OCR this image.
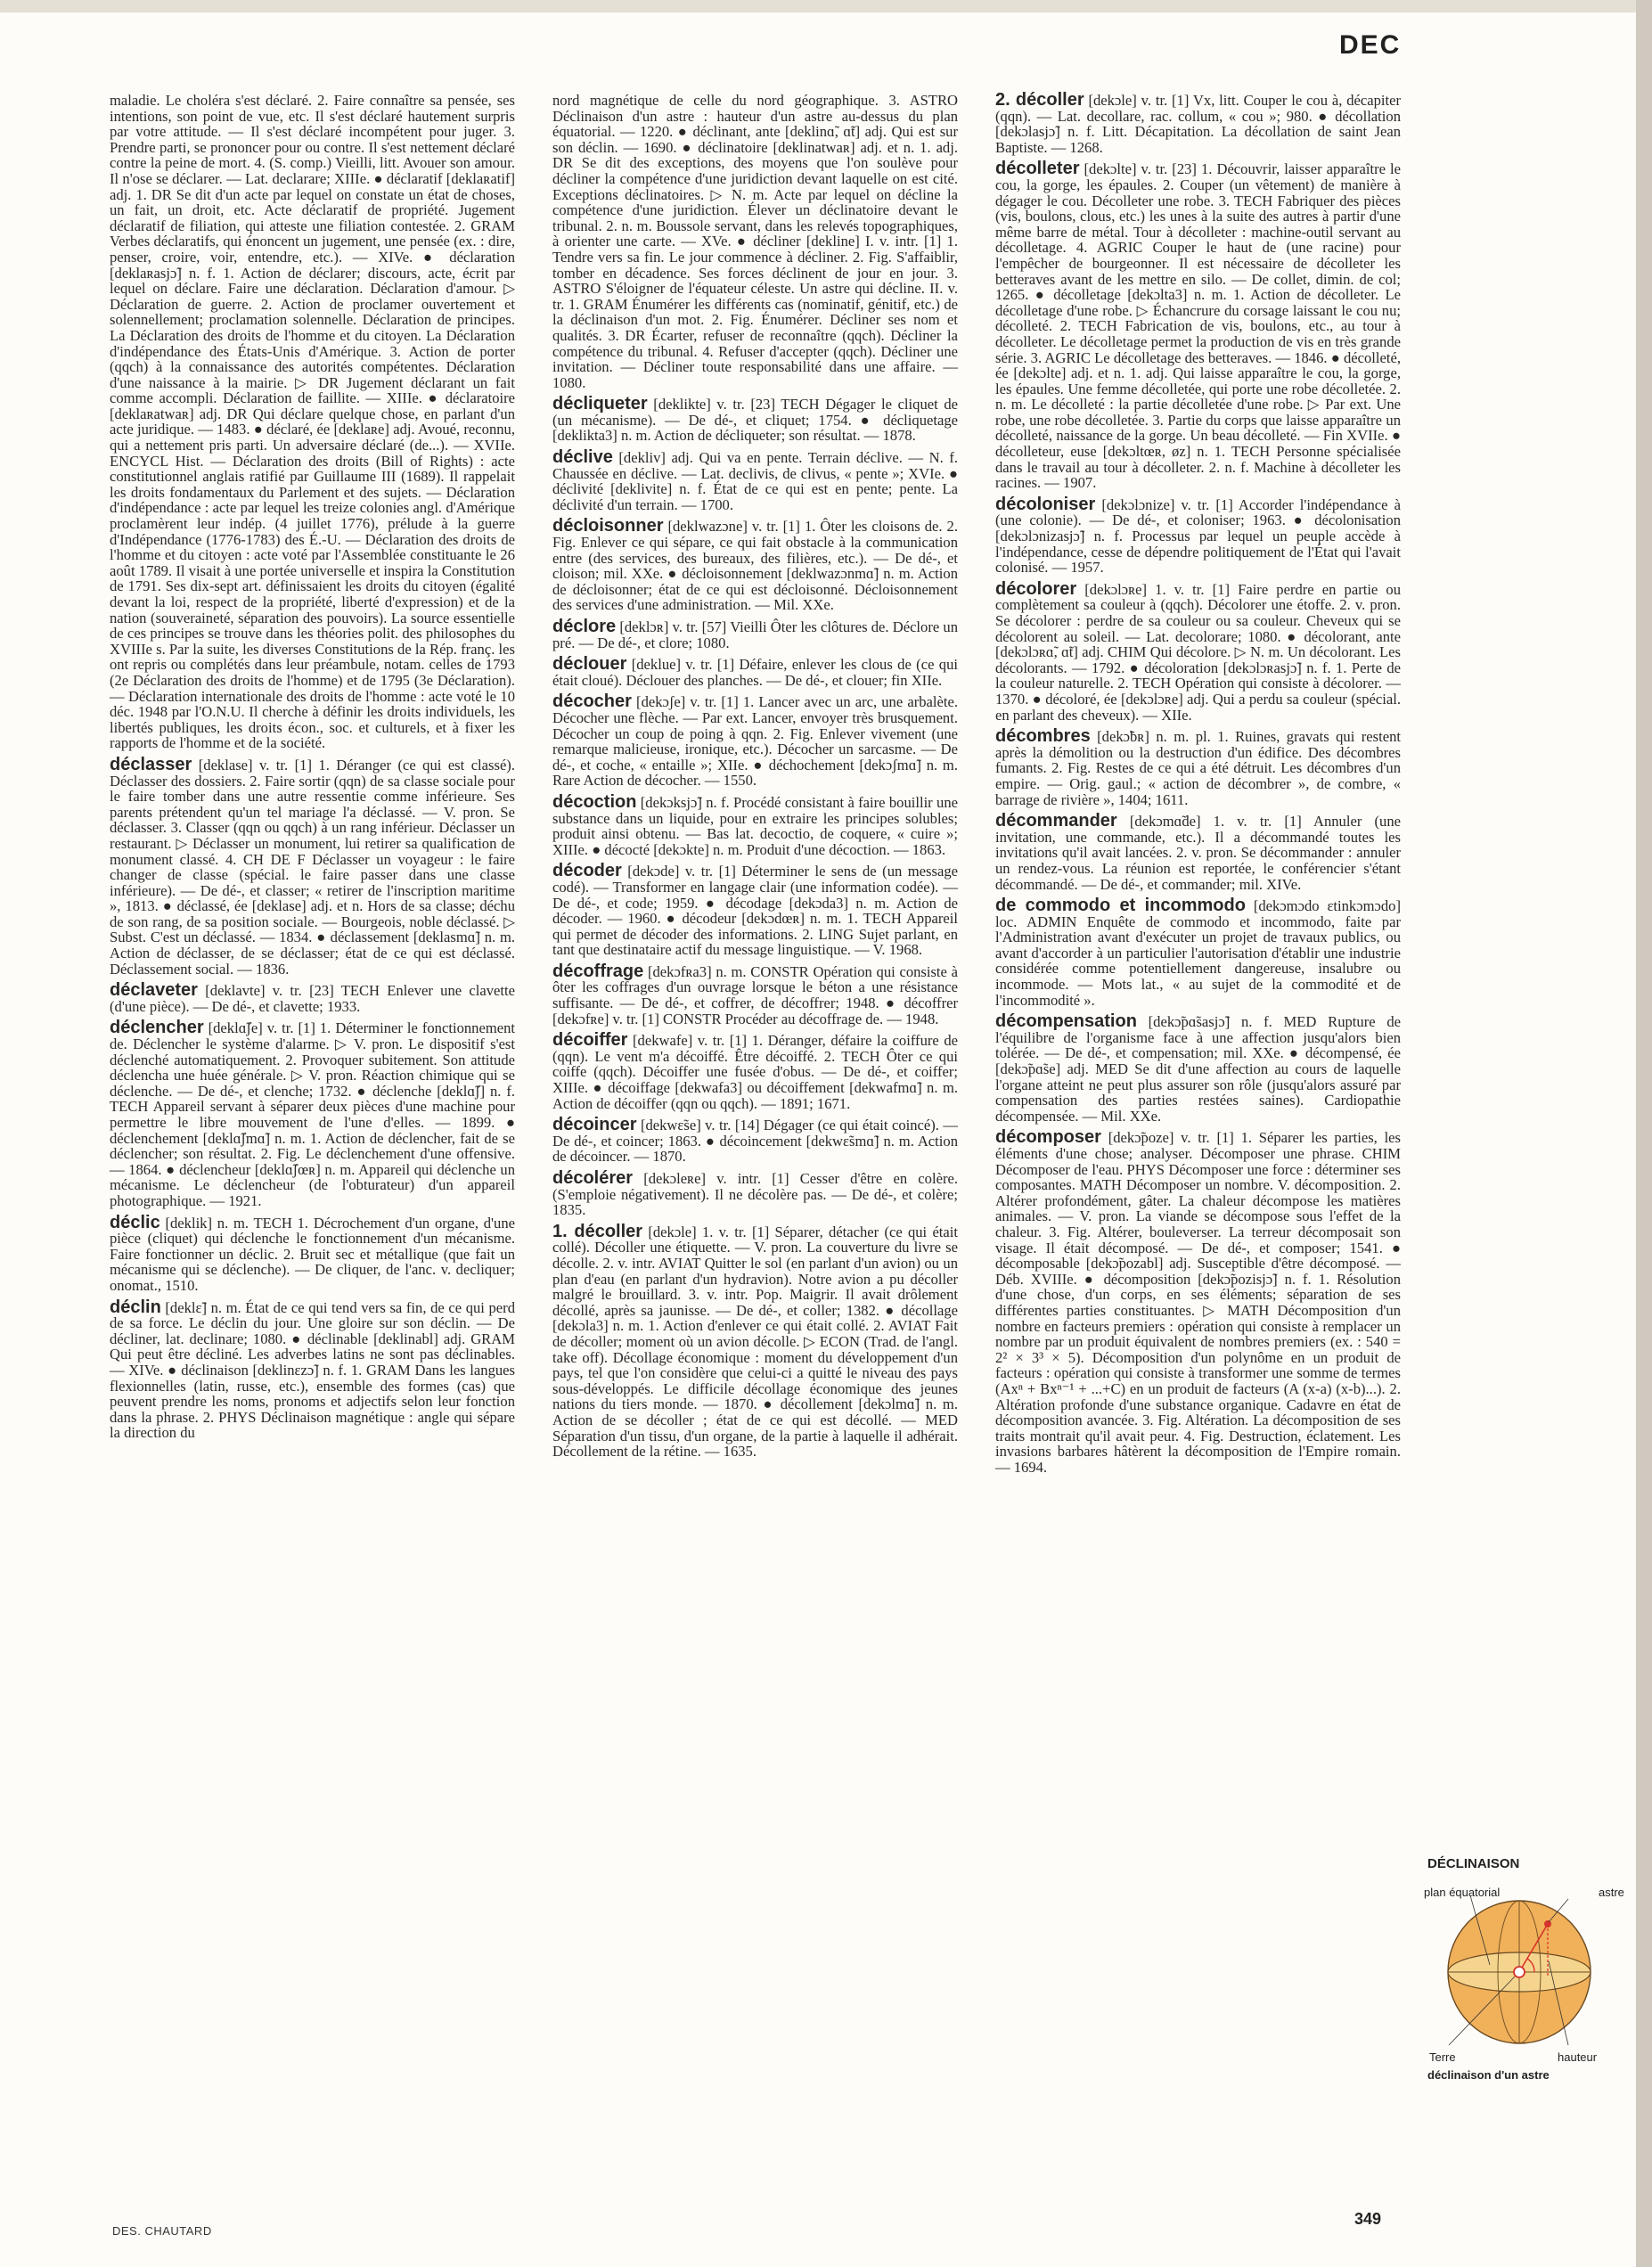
DEC

maladie. Le choléra s'est déclaré. 2. Faire connaître sa pensée, ses intentions, son point de vue, etc. Il s'est déclaré hautement surpris par votre attitude. — Il s'est déclaré incompétent pour juger. 3. Prendre parti, se prononcer pour ou contre. Il s'est nettement déclaré contre la peine de mort. 4. (S. comp.) Vieilli, litt. Avouer son amour. Il n'ose se déclarer. — Lat. declarare; XIIIe. ● déclaratif [deklaʀatif] adj. 1. DR Se dit d'un acte par lequel on constate un état de choses, un fait, un droit, etc. Acte déclaratif de propriété. Jugement déclaratif de filiation, qui atteste une filiation contestée. 2. GRAM Verbes déclaratifs, qui énoncent un jugement, une pensée (ex. : dire, penser, croire, voir, entendre, etc.). — XIVe. ● déclaration [deklaʀasjɔ̃] n. f. 1. Action de déclarer; discours, acte, écrit par lequel on déclare. Faire une déclaration. Déclaration d'amour. ▷ Déclaration de guerre. 2. Action de proclamer ouvertement et solennellement; proclamation solennelle. Déclaration de principes. La Déclaration des droits de l'homme et du citoyen. La Déclaration d'indépendance des États-Unis d'Amérique. 3. Action de porter (qqch) à la connaissance des autorités compétentes. Déclaration d'une naissance à la mairie. ▷ DR Jugement déclarant un fait comme accompli. Déclaration de faillite. — XIIIe. ● déclaratoire [deklaʀatwaʀ] adj. DR Qui déclare quelque chose, en parlant d'un acte juridique. — 1483. ● déclaré, ée [deklaʀe] adj. Avoué, reconnu, qui a nettement pris parti. Un adversaire déclaré (de...). — XVIIe. ENCYCL Hist. — Déclaration des droits (Bill of Rights) : acte constitutionnel anglais ratifié par Guillaume III (1689). Il rappelait les droits fondamentaux du Parlement et des sujets. — Déclaration d'indépendance : acte par lequel les treize colonies angl. d'Amérique proclamèrent leur indép. (4 juillet 1776), prélude à la guerre d'Indépendance (1776-1783) des É.-U. — Déclaration des droits de l'homme et du citoyen : acte voté par l'Assemblée constituante le 26 août 1789. Il visait à une portée universelle et inspira la Constitution de 1791. Ses dix-sept art. définissaient les droits du citoyen (égalité devant la loi, respect de la propriété, liberté d'expression) et de la nation (souveraineté, séparation des pouvoirs). La source essentielle de ces principes se trouve dans les théories polit. des philosophes du XVIIIe s. Par la suite, les diverses Constitutions de la Rép. franç. les ont repris ou complétés dans leur préambule, notam. celles de 1793 (2e Déclaration des droits de l'homme) et de 1795 (3e Déclaration). — Déclaration internationale des droits de l'homme : acte voté le 10 déc. 1948 par l'O.N.U. Il cherche à définir les droits individuels, les libertés publiques, les droits écon., soc. et culturels, et à fixer les rapports de l'homme et de la société.

déclasser [deklase] v. tr. [1] 1. Déranger (ce qui est classé). Déclasser des dossiers. 2. Faire sortir (qqn) de sa classe sociale pour le faire tomber dans une autre ressentie comme inférieure. Ses parents prétendent qu'un tel mariage l'a déclassé. — V. pron. Se déclasser. 3. Classer (qqn ou qqch) à un rang inférieur. Déclasser un restaurant. ▷ Déclasser un monument, lui retirer sa qualification de monument classé. 4. CH DE F Déclasser un voyageur : le faire changer de classe (spécial. le faire passer dans une classe inférieure). — De dé-, et classer; « retirer de l'inscription maritime », 1813. ● déclassé, ée [deklase] adj. et n. Hors de sa classe; déchu de son rang, de sa position sociale. — Bourgeois, noble déclassé. ▷ Subst. C'est un déclassé. — 1834. ● déclassement [deklasmɑ̃] n. m. Action de déclasser, de se déclasser; état de ce qui est déclassé. Déclassement social. — 1836.

déclaveter [deklavte] v. tr. [23] TECH Enlever une clavette (d'une pièce). — De dé-, et clavette; 1933.

déclencher [deklɑ̃ʃe] v. tr. [1] 1. Déterminer le fonctionnement de. Déclencher le système d'alarme. ▷ V. pron. Le dispositif s'est déclenché automatiquement. 2. Provoquer subitement. Son attitude déclencha une huée générale. ▷ V. pron. Réaction chimique qui se déclenche. — De dé-, et clenche; 1732. ● déclenche [deklɑ̃ʃ] n. f. TECH Appareil servant à séparer deux pièces d'une machine pour permettre le libre mouvement de l'une d'elles. — 1899. ● déclenchement [deklɑ̃ʃmɑ̃] n. m. 1. Action de déclencher, fait de se déclencher; son résultat. 2. Fig. Le déclenchement d'une offensive. — 1864. ● déclencheur [deklɑ̃ʃœʀ] n. m. Appareil qui déclenche un mécanisme. Le déclencheur (de l'obturateur) d'un appareil photographique. — 1921.

déclic [deklik] n. m. TECH 1. Décrochement d'un organe, d'une pièce (cliquet) qui déclenche le fonctionnement d'un mécanisme. Faire fonctionner un déclic. 2. Bruit sec et métallique (que fait un mécanisme qui se déclenche). — De cliquer, de l'anc. v. decliquer; onomat., 1510.

déclin [deklɛ̃] n. m. État de ce qui tend vers sa fin, de ce qui perd de sa force. Le déclin du jour. Une gloire sur son déclin. — De décliner, lat. declinare; 1080. ● déclinable [deklinabl] adj. GRAM Qui peut être décliné. Les adverbes latins ne sont pas déclinables. — XIVe. ● déclinaison [deklinɛzɔ̃] n. f. 1. GRAM Dans les langues flexionnelles (latin, russe, etc.), ensemble des formes (cas) que peuvent prendre les noms, pronoms et adjectifs selon leur fonction dans la phrase. 2. PHYS Déclinaison magnétique : angle qui sépare la direction du

nord magnétique de celle du nord géographique. 3. ASTRO Déclinaison d'un astre : hauteur d'un astre au-dessus du plan équatorial. — 1220. ● déclinant, ante [deklinɑ̃, ɑ̃t] adj. Qui est sur son déclin. — 1690. ● déclinatoire [deklinatwaʀ] adj. et n. 1. adj. DR Se dit des exceptions, des moyens que l'on soulève pour décliner la compétence d'une juridiction devant laquelle on est cité. Exceptions déclinatoires. ▷ N. m. Acte par lequel on décline la compétence d'une juridiction. Élever un déclinatoire devant le tribunal. 2. n. m. Boussole servant, dans les relevés topographiques, à orienter une carte. — XVe. ● décliner [dekline] I. v. intr. [1] 1. Tendre vers sa fin. Le jour commence à décliner. 2. Fig. S'affaiblir, tomber en décadence. Ses forces déclinent de jour en jour. 3. ASTRO S'éloigner de l'équateur céleste. Un astre qui décline. II. v. tr. 1. GRAM Énumérer les différents cas (nominatif, génitif, etc.) de la déclinaison d'un mot. 2. Fig. Énumérer. Décliner ses nom et qualités. 3. DR Écarter, refuser de reconnaître (qqch). Décliner la compétence du tribunal. 4. Refuser d'accepter (qqch). Décliner une invitation. — Décliner toute responsabilité dans une affaire. — 1080.

décliqueter [deklikte] v. tr. [23] TECH Dégager le cliquet de (un mécanisme). — De dé-, et cliquet; 1754. ● décliquetage [deklikta3] n. m. Action de décliqueter; son résultat. — 1878.

déclive [dekliv] adj. Qui va en pente. Terrain déclive. — N. f. Chaussée en déclive. — Lat. declivis, de clivus, « pente »; XVIe. ● déclivité [deklivite] n. f. État de ce qui est en pente; pente. La déclivité d'un terrain. — 1700.

décloisonner [deklwazɔne] v. tr. [1] 1. Ôter les cloisons de. 2. Fig. Enlever ce qui sépare, ce qui fait obstacle à la communication entre (des services, des bureaux, des filières, etc.). — De dé-, et cloison; mil. XXe. ● décloisonnement [deklwazɔnmɑ̃] n. m. Action de décloisonner; état de ce qui est décloisonné. Décloisonnement des services d'une administration. — Mil. XXe.

déclore [deklɔʀ] v. tr. [57] Vieilli Ôter les clôtures de. Déclore un pré. — De dé-, et clore; 1080.

déclouer [deklue] v. tr. [1] Défaire, enlever les clous de (ce qui était cloué). Déclouer des planches. — De dé-, et clouer; fin XIIe.

décocher [dekɔʃe] v. tr. [1] 1. Lancer avec un arc, une arbalète. Décocher une flèche. — Par ext. Lancer, envoyer très brusquement. Décocher un coup de poing à qqn. 2. Fig. Enlever vivement (une remarque malicieuse, ironique, etc.). Décocher un sarcasme. — De dé-, et coche, « entaille »; XIIe. ● déchochement [dekɔʃmɑ̃] n. m. Rare Action de décocher. — 1550.

décoction [dekɔksjɔ̃] n. f. Procédé consistant à faire bouillir une substance dans un liquide, pour en extraire les principes solubles; produit ainsi obtenu. — Bas lat. decoctio, de coquere, « cuire »; XIIIe. ● décocté [dekɔkte] n. m. Produit d'une décoction. — 1863.

décoder [dekɔde] v. tr. [1] Déterminer le sens de (un message codé). — Transformer en langage clair (une information codée). — De dé-, et code; 1959. ● décodage [dekɔda3] n. m. Action de décoder. — 1960. ● décodeur [dekɔdœʀ] n. m. 1. TECH Appareil qui permet de décoder des informations. 2. LING Sujet parlant, en tant que destinataire actif du message linguistique. — V. 1968.

décoffrage [dekɔfʀa3] n. m. CONSTR Opération qui consiste à ôter les coffrages d'un ouvrage lorsque le béton a une résistance suffisante. — De dé-, et coffrer, de décoffrer; 1948. ● décoffrer [dekɔfʀe] v. tr. [1] CONSTR Procéder au décoffrage de. — 1948.

décoiffer [dekwafe] v. tr. [1] 1. Déranger, défaire la coiffure de (qqn). Le vent m'a décoiffé. Être décoiffé. 2. TECH Ôter ce qui coiffe (qqch). Décoiffer une fusée d'obus. — De dé-, et coiffer; XIIIe. ● décoiffage [dekwafa3] ou décoiffement [dekwafmɑ̃] n. m. Action de décoiffer (qqn ou qqch). — 1891; 1671.

décoincer [dekwɛ̃se] v. tr. [14] Dégager (ce qui était coincé). — De dé-, et coincer; 1863. ● décoincement [dekwɛ̃smɑ̃] n. m. Action de décoincer. — 1870.

décolérer [dekɔleʀe] v. intr. [1] Cesser d'être en colère. (S'emploie négativement). Il ne décolère pas. — De dé-, et colère; 1835.

1. décoller [dekɔle] 1. v. tr. [1] Séparer, détacher (ce qui était collé). Décoller une étiquette. — V. pron. La couverture du livre se décolle. 2. v. intr. AVIAT Quitter le sol (en parlant d'un avion) ou un plan d'eau (en parlant d'un hydravion). Notre avion a pu décoller malgré le brouillard. 3. v. intr. Pop. Maigrir. Il avait drôlement décollé, après sa jaunisse. — De dé-, et coller; 1382. ● décollage [dekɔla3] n. m. 1. Action d'enlever ce qui était collé. 2. AVIAT Fait de décoller; moment où un avion décolle. ▷ ECON (Trad. de l'angl. take off). Décollage économique : moment du développement d'un pays, tel que l'on considère que celui-ci a quitté le niveau des pays sous-développés. Le difficile décollage économique des jeunes nations du tiers monde. — 1870. ● décollement [dekɔlmɑ̃] n. m. Action de se décoller ; état de ce qui est décollé. — MED Séparation d'un tissu, d'un organe, de la partie à laquelle il adhérait. Décollement de la rétine. — 1635.

2. décoller [dekɔle] v. tr. [1] Vx, litt. Couper le cou à, décapiter (qqn). — Lat. decollare, rac. collum, « cou »; 980. ● décollation [dekɔlasjɔ̃] n. f. Litt. Décapitation. La décollation de saint Jean Baptiste. — 1268.

décolleter [dekɔlte] v. tr. [23] 1. Découvrir, laisser apparaître le cou, la gorge, les épaules. 2. Couper (un vêtement) de manière à dégager le cou. Décolleter une robe. 3. TECH Fabriquer des pièces (vis, boulons, clous, etc.) les unes à la suite des autres à partir d'une même barre de métal. Tour à décolleter : machine-outil servant au décolletage. 4. AGRIC Couper le haut de (une racine) pour l'empêcher de bourgeonner. Il est nécessaire de décolleter les betteraves avant de les mettre en silo. — De collet, dimin. de col; 1265. ● décolletage [dekɔlta3] n. m. 1. Action de décolleter. Le décolletage d'une robe. ▷ Échancrure du corsage laissant le cou nu; décolleté. 2. TECH Fabrication de vis, boulons, etc., au tour à décolleter. Le décolletage permet la production de vis en très grande série. 3. AGRIC Le décolletage des betteraves. — 1846. ● décolleté, ée [dekɔlte] adj. et n. 1. adj. Qui laisse apparaître le cou, la gorge, les épaules. Une femme décolletée, qui porte une robe décolletée. 2. n. m. Le décolleté : la partie décolletée d'une robe. ▷ Par ext. Une robe, une robe décolletée. 3. Partie du corps que laisse apparaître un décolleté, naissance de la gorge. Un beau décolleté. — Fin XVIIe. ● décolleteur, euse [dekɔltœʀ, øz] n. 1. TECH Personne spécialisée dans le travail au tour à décolleter. 2. n. f. Machine à décolleter les racines. — 1907.

décoloniser [dekɔlɔnize] v. tr. [1] Accorder l'indépendance à (une colonie). — De dé-, et coloniser; 1963. ● décolonisation [dekɔlɔnizasjɔ̃] n. f. Processus par lequel un peuple accède à l'indépendance, cesse de dépendre politiquement de l'État qui l'avait colonisé. — 1957.

décolorer [dekɔlɔʀe] 1. v. tr. [1] Faire perdre en partie ou complètement sa couleur à (qqch). Décolorer une étoffe. 2. v. pron. Se décolorer : perdre de sa couleur ou sa couleur. Cheveux qui se décolorent au soleil. — Lat. decolorare; 1080. ● décolorant, ante [dekɔlɔʀɑ̃, ɑ̃t] adj. CHIM Qui décolore. ▷ N. m. Un décolorant. Les décolorants. — 1792. ● décoloration [dekɔlɔʀasjɔ̃] n. f. 1. Perte de la couleur naturelle. 2. TECH Opération qui consiste à décolorer. — 1370. ● décoloré, ée [dekɔlɔʀe] adj. Qui a perdu sa couleur (spécial. en parlant des cheveux). — XIIe.

décombres [dekɔ̃bʀ] n. m. pl. 1. Ruines, gravats qui restent après la démolition ou la destruction d'un édifice. Des décombres fumants. 2. Fig. Restes de ce qui a été détruit. Les décombres d'un empire. — Orig. gaul.; « action de décombrer », de combre, « barrage de rivière », 1404; 1611.

décommander [dekɔmɑ̃de] 1. v. tr. [1] Annuler (une invitation, une commande, etc.). Il a décommandé toutes les invitations qu'il avait lancées. 2. v. pron. Se décommander : annuler un rendez-vous. La réunion est reportée, le conférencier s'étant décommandé. — De dé-, et commander; mil. XIVe.

de commodo et incommodo [dekɔmɔdo ɛtinkɔmɔdo] loc. ADMIN Enquête de commodo et incommodo, faite par l'Administration avant d'exécuter un projet de travaux publics, ou avant d'accorder à un particulier l'autorisation d'établir une industrie considérée comme potentiellement dangereuse, insalubre ou incommode. — Mots lat., « au sujet de la commodité et de l'incommodité ».

décompensation [dekɔ̃pɑ̃sasjɔ̃] n. f. MED Rupture de l'équilibre de l'organisme face à une affection jusqu'alors bien tolérée. — De dé-, et compensation; mil. XXe. ● décompensé, ée [dekɔ̃pɑ̃se] adj. MED Se dit d'une affection au cours de laquelle l'organe atteint ne peut plus assurer son rôle (jusqu'alors assuré par compensation des parties restées saines). Cardiopathie décompensée. — Mil. XXe.

décomposer [dekɔ̃poze] v. tr. [1] 1. Séparer les parties, les éléments d'une chose; analyser. Décomposer une phrase. CHIM Décomposer de l'eau. PHYS Décomposer une force : déterminer ses composantes. MATH Décomposer un nombre. V. décomposition. 2. Altérer profondément, gâter. La chaleur décompose les matières animales. — V. pron. La viande se décompose sous l'effet de la chaleur. 3. Fig. Altérer, bouleverser. La terreur décomposait son visage. Il était décomposé. — De dé-, et composer; 1541. ● décomposable [dekɔ̃pozabl] adj. Susceptible d'être décomposé. — Déb. XVIIIe. ● décomposition [dekɔ̃pozisjɔ̃] n. f. 1. Résolution d'une chose, d'un corps, en ses éléments; séparation de ses différentes parties constituantes. ▷ MATH Décomposition d'un nombre en facteurs premiers : opération qui consiste à remplacer un nombre par un produit équivalent de nombres premiers (ex. : 540 = 2² × 3³ × 5). Décomposition d'un polynôme en un produit de facteurs : opération qui consiste à transformer une somme de termes (Axⁿ + Bxⁿ⁻¹ + ...+C) en un produit de facteurs (A (x-a) (x-b)...). 2. Altération profonde d'une substance organique. Cadavre en état de décomposition avancée. 3. Fig. Altération. La décomposition de ses traits montrait qu'il avait peur. 4. Fig. Destruction, éclatement. Les invasions barbares hâtèrent la décomposition de l'Empire romain. — 1694.

DÉCLINAISON
plan équatorial	astre
Terre	hauteur
déclinaison d'un astre
DES. CHAUTARD
349
